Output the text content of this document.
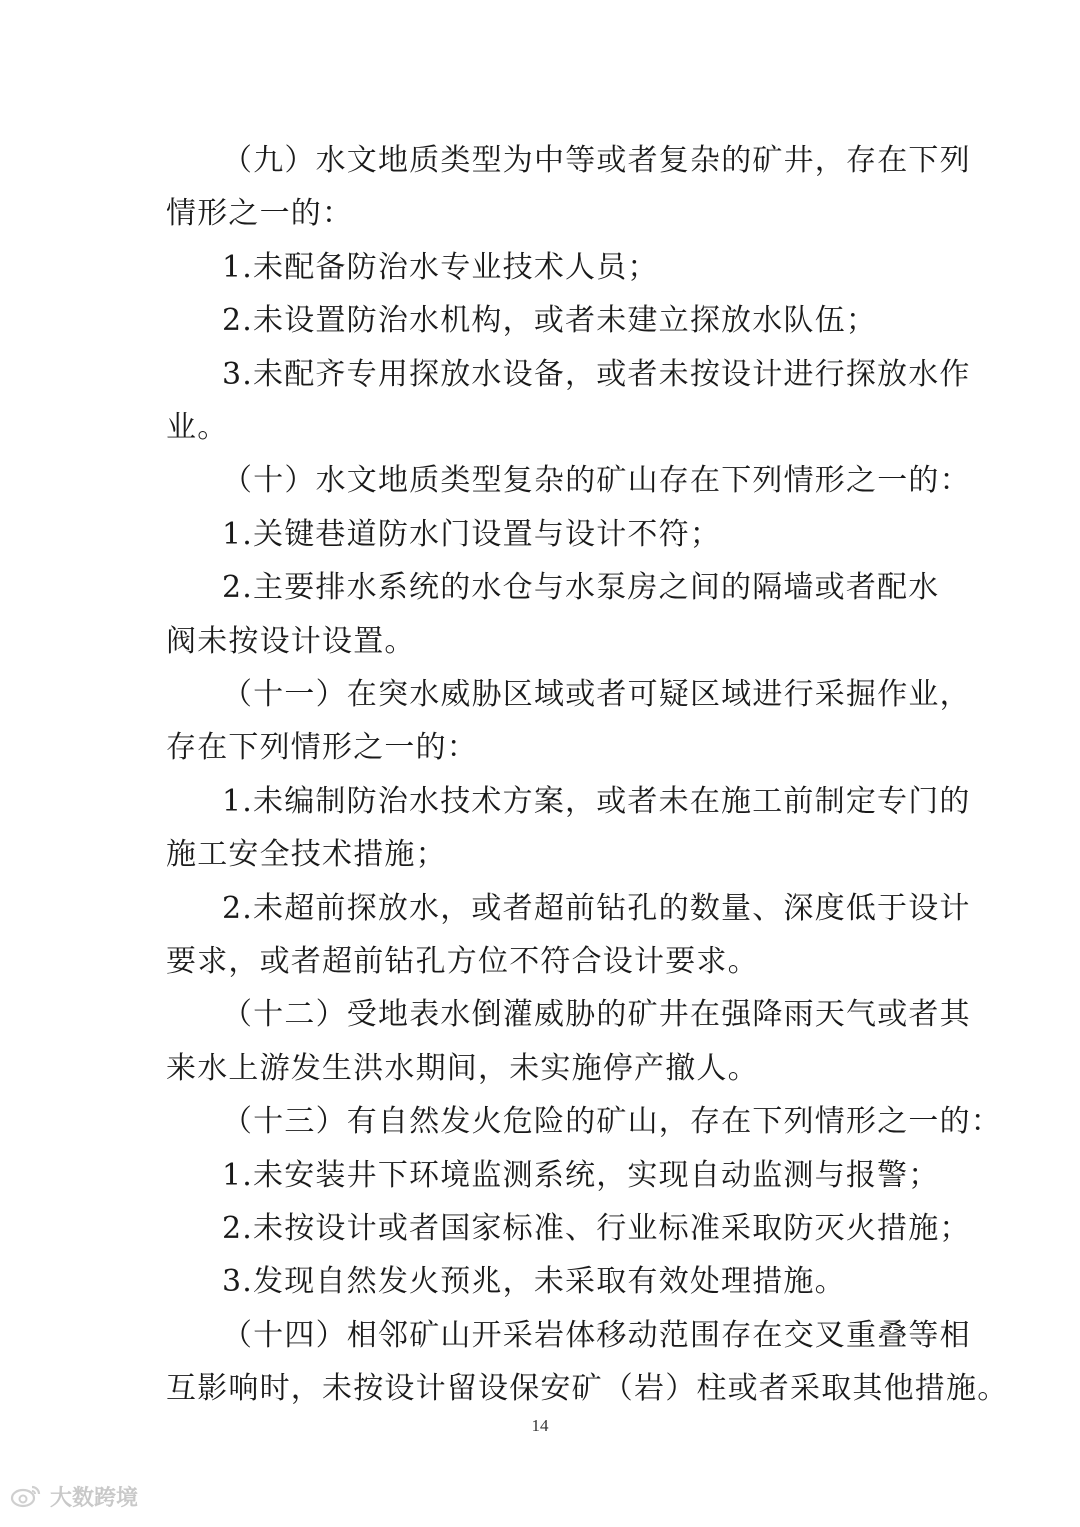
（九）水文地质类型为中等或者复杂的矿井，存在下列
情形之一的：
1.未配备防治水专业技术人员；
2.未设置防治水机构，或者未建立探放水队伍；
3.未配齐专用探放水设备，或者未按设计进行探放水作
业。
（十）水文地质类型复杂的矿山存在下列情形之一的：
1.关键巷道防水门设置与设计不符；
2.主要排水系统的水仓与水泵房之间的隔墙或者配水
阀未按设计设置。
（十一）在突水威胁区域或者可疑区域进行采掘作业，
存在下列情形之一的：
1.未编制防治水技术方案，或者未在施工前制定专门的
施工安全技术措施；
2.未超前探放水，或者超前钻孔的数量、深度低于设计
要求，或者超前钻孔方位不符合设计要求。
（十二）受地表水倒灌威胁的矿井在强降雨天气或者其
来水上游发生洪水期间，未实施停产撤人。
（十三）有自然发火危险的矿山，存在下列情形之一的：
1.未安装井下环境监测系统，实现自动监测与报警；
2.未按设计或者国家标准、行业标准采取防灭火措施；
3.发现自然发火预兆，未采取有效处理措施。
（十四）相邻矿山开采岩体移动范围存在交叉重叠等相
互影响时，未按设计留设保安矿（岩）柱或者采取其他措施。
14
大数跨境
